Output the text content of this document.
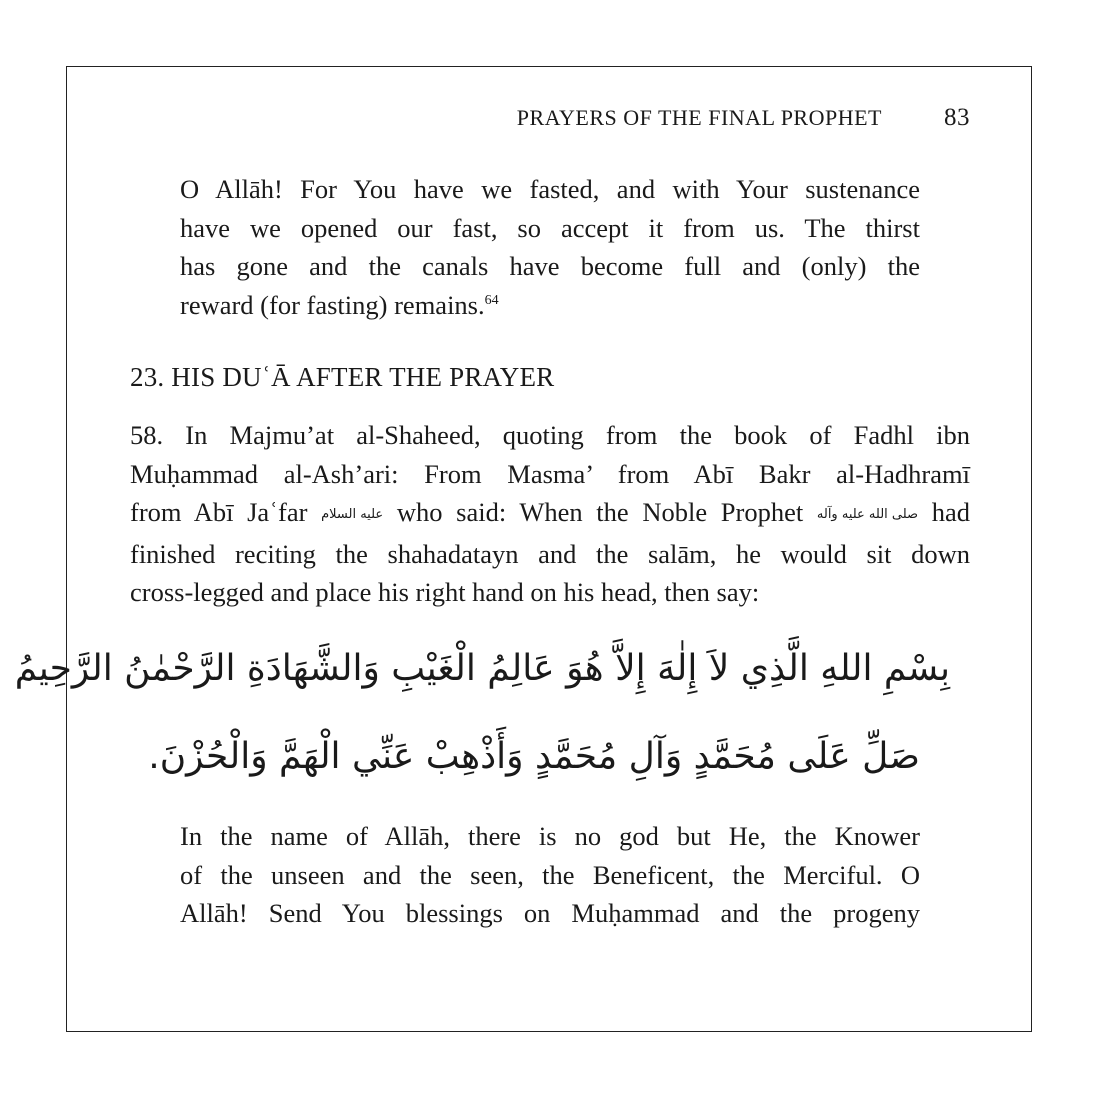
PRAYERS OF THE FINAL PROPHET 83
O Allāh! For You have we fasted, and with Your sustenance
have we opened our fast, so accept it from us. The thirst
has gone and the canals have become full and (only) the
reward (for fasting) remains.$^{64}$
23. HIS DUʿĀ AFTER THE PRAYER
58. In Majmu’at al-Shaheed, quoting from the book of Fadhl ibn
Muḥammad al-Ash’ari: From Masma’ from Abī Bakr al-Hadhramī
from Abī Jaʿfar عليه السلام who said: When the Noble Prophet صلى الله عليه وآله had
finished reciting the shahadatayn and the salām, he would sit down
cross-legged and place his right hand on his head, then say:
بِسْمِ اللهِ الَّذِي لاَ إِلٰهَ إِلاَّ هُوَ عَالِمُ الْغَيْبِ وَالشَّهَادَةِ الرَّحْمٰنُ الرَّحِيمُ
صَلِّ عَلَى مُحَمَّدٍ وَآلِ مُحَمَّدٍ وَأَذْهِبْ عَنِّي الْهَمَّ وَالْحُزْنَ.
In the name of Allāh, there is no god but He, the Knower
of the unseen and the seen, the Beneficent, the Merciful. O
Allāh! Send You blessings on Muḥammad and the progeny
